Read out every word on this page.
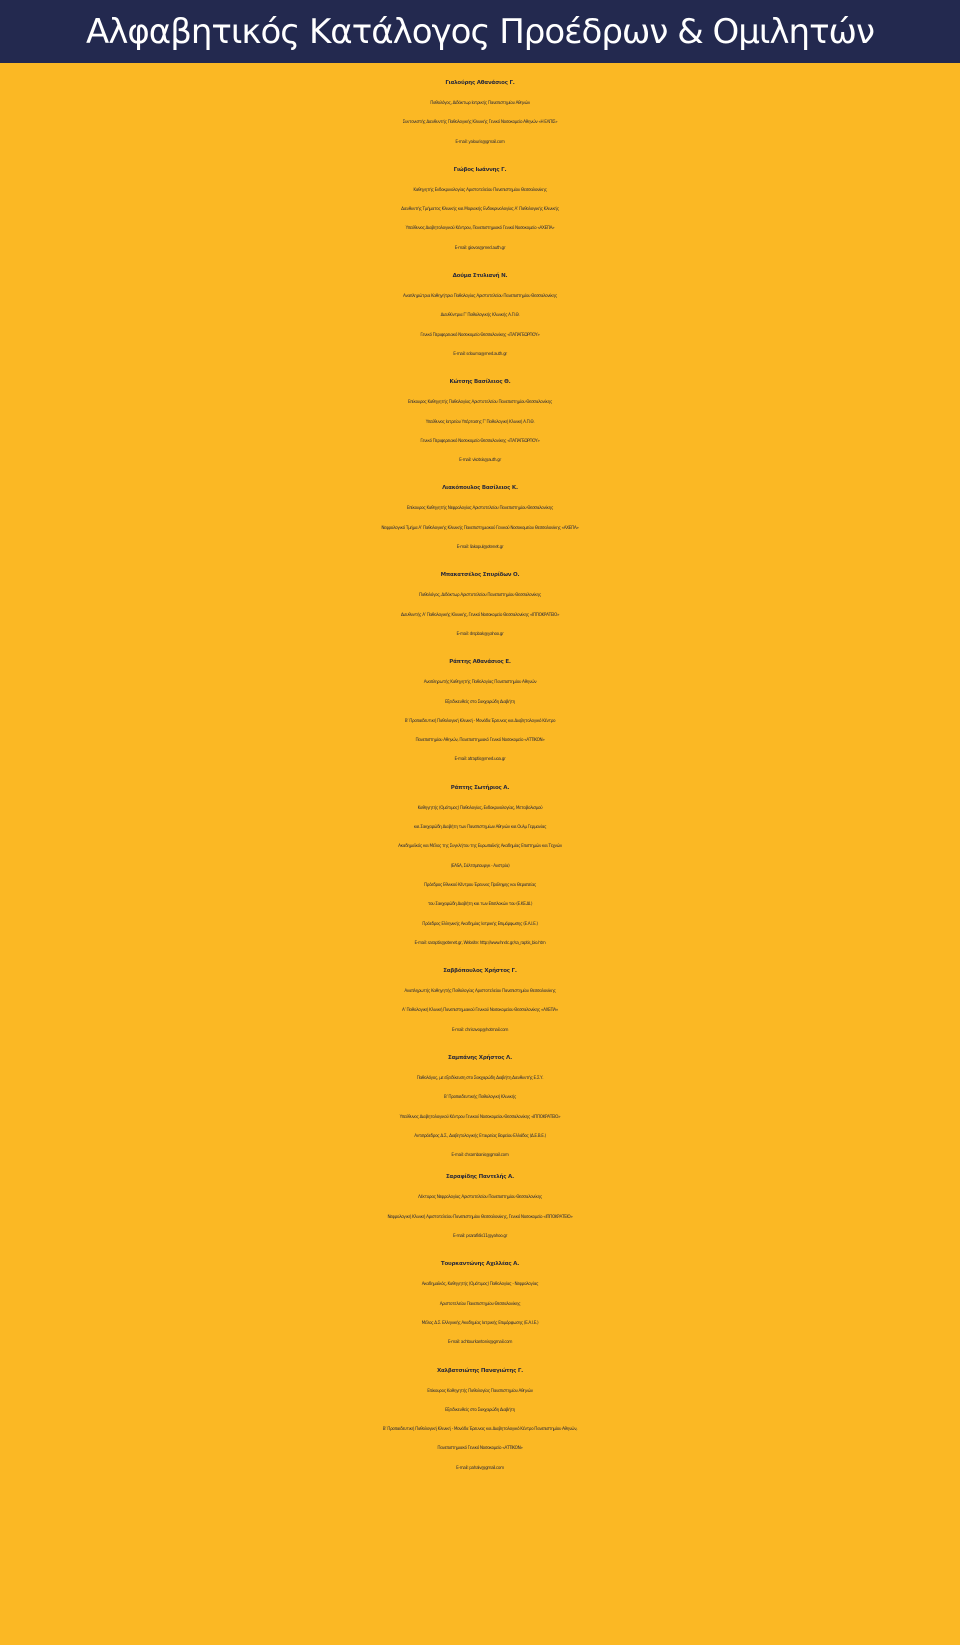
Αλφαβητικός Κατάλογος Προέδρων & Ομιλητών
Γιαλούρης Αθανάσιος Γ.
Παθολόγος, Διδάκτωρ Ιατρικής Πανεπιστημίου Αθηνών
Συντονιστής Διευθυντής Παθολογικής Κλινικής Γενικό Νοσοκομείο Αθηνών «Η ΕΛΠΙΣ»
E-mail: yalouris@gmail.com
Γιώβος Ιωάννης Γ.
Καθηγητής Ενδοκρινολογίας Αριστοτελείου Πανεπιστημίου Θεσσαλονίκης
Διευθυντής Τμήματος Κλινικής και Μοριακής Ενδοκρινολογίας Α’ Παθολογικής Κλινικής
Υπεύθυνος Διαβητολογικού Κέντρου, Πανεπιστημιακό Γενικό Νοσοκομείο «ΑΧΕΠΑ»
E-mail: giovos@med.auth.gr
Δούμα Στυλιανή Ν.
Αναπληρώτρια Καθηγήτρια Παθολογίας Αριστοτελείου Πανεπιστημίου Θεσσαλονίκης
Διευθύντρια Γ’ Παθολογικής Κλινικής Α.Π.Θ.
Γενικό Περιφερειακό Νοσοκομείο Θεσσαλονίκης «ΠΑΠΑΓΕΩΡΓΙΟΥ»
E-mail: sdouma@med.auth.gr
Κώτσης Βασίλειος Θ.
Επίκουρος Καθηγητής Παθολογίας Αριστοτελείου Πανεπιστημίου Θεσσαλονίκης
Υπεύθυνος Ιατρείου Υπέρτασης Γ’ Παθολογική Κλινική Α.Π.Θ.
Γενικό Περιφερειακό Νοσοκομείο Θεσσαλονίκης «ΠΑΠΑΓΕΩΡΓΙΟΥ»
E-mail: vkotsis@auth.gr
Λιακόπουλος Βασίλειος Κ.
Επίκουρος Καθηγητής Νεφρολογίας Αριστοτελείου Πανεπιστημίου Θεσσαλονίκης
Νεφρολογικό Τμήμα Α’ Παθολογικής Κλινικής Πανεπιστημιακού Γενικού Νοσοκομείου Θεσσαλονίκης «ΑΧΕΠΑ»
E-mail: liakopul@otenet.gr
Μπακατσέλος Σπυρίδων Ο.
Παθολόγος, Διδάκτωρ Αριστοτελείου Πανεπιστημίου Θεσσαλονίκης
Διευθυντής Α’ Παθολογικής Κλινικής, Γενικό Νοσοκομείο Θεσσαλονίκης «ΙΠΠΟΚΡΑΤΕΙΟ»
E-mail: drspbak@yahoo.gr
Ράπτης Αθανάσιος Ε.
Αναπληρωτής Καθηγητής Παθολογίας Πανεπιστημίου Αθηνών
Εξειδικευθείς στο Σακχαρώδη Διαβήτη
Β’ Προπαιδευτική Παθολογική Κλινική - Μονάδα Έρευνας και Διαβητολογικό Κέντρο
Πανεπιστημίου Αθηνών, Πανεπιστημιακό Γενικό Νοσοκομείο «ΑΤΤΙΚΟΝ»
E-mail: atraptis@med.uoa.gr
Ράπτης Σωτήριος Α.
Καθηγητής (Ομότιμος) Παθολογίας, Ενδοκρινολογίας, Μεταβολισμού
και Σακχαρώδη Διαβήτη των Πανεπιστημίων Αθηνών και Ουλμ Γερμανίας
Ακαδημαϊκός και Μέλος της Συγκλήτου της Ευρωπαϊκής Ακαδημίας Επιστημών και Τεχνών
(EASA, Σάλτσμπουργκ - Αυστρία)
Πρόεδρος Εθνικού Κέντρου Έρευνας Πρόληψης και Θεραπείας
του Σακχαρώδη Διαβήτη και των Επιπλοκών του (Ε.ΚΕ.ΔΙ.)
Πρόεδρος Ελληνικής Ακαδημίας Ιατρικής Επιμόρφωσης (Ε.Α.Ι.Ε.)
E-mail: saraptis@otenet.gr, Website: http://www.hndc.gr/sa_raptis_bio.htm
Σαββόπουλος Χρήστος Γ.
Αναπληρωτής Καθηγητής Παθολογίας Αριστοτελείου Πανεπιστημίου Θεσσαλονίκης
Α’ Παθολογική Κλινική Πανεπιστημιακού Γενικού Νοσοκομείου Θεσσαλονίκης «ΑΧΕΠΑ»
E-mail: chrisavop@hotmail.com
Σαμπάνης Χρήστος Λ.
Παθολόγος, με εξειδίκευση στο Σακχαρώδη Διαβήτη Διευθυντής Ε.Σ.Υ.
Β’ Προπαιδευτικής Παθολογική Κλινικής
Υπεύθυνος Διαβητολογικού Κέντρου Γενικού Νοσοκομείου Θεσσαλονίκης «ΙΠΠΟΚΡΑΤΕΙΟ»
Αντιπρόεδρος Δ.Σ., Διαβητολογικής Εταιρείας Βορείου Ελλάδος (Δ.Ε.Β.Ε.)
E-mail: chsambanis@gmail.com
Σαραφίδης Παντελής Α.
Λέκτορας Νεφρολογίας Αριστοτελείου Πανεπιστημίου Θεσσαλονίκης
Νεφρολογική Κλινική Αριστοτελείου Πανεπιστημίου Θεσσαλονίκης, Γενικό Νοσοκομείο «ΙΠΠΟΚΡΑΤΕΙΟ»
E-mail: psarafidis11@yahoo.gr
Τουρκαντώνης Αχιλλέας Α.
Ακαδημαϊκός, Καθηγητής (Ομότιμος) Παθολογίας - Νεφρολογίας
Αριστοτελείου Πανεπιστημίου Θεσσαλονίκης
Μέλος Δ.Σ. Ελληνικής Ακαδημίας Ιατρικής Επιμόρφωσης (Ε.Α.Ι.Ε.)
E-mail: achtourkantonis@gmail.com
Χαλβατσιώτης Παναγιώτης Γ.
Επίκουρος Καθηγητής Παθολογίας Πανεπιστημίου Αθηνών
Εξειδικευθείς στο Σακχαρώδη Διαβήτη
Β’ Προπαιδευτική Παθολογική Κλινική - Μονάδα Έρευνας και Διαβητολογικό Κέντρο Πανεπιστημίου Αθηνών,
Πανεπιστημιακό Γενικό Νοσοκομείο «ΑΤΤΙΚΟΝ»
E-mail: pahalv@gmail.com
